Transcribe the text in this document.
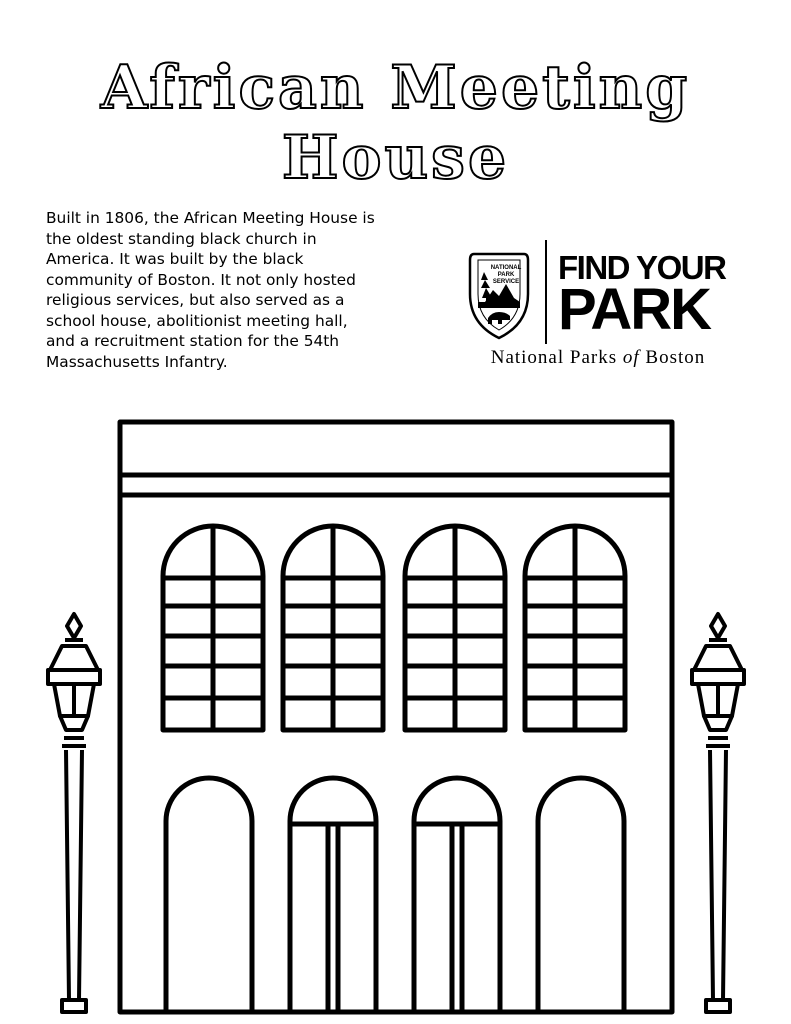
African Meeting
House

Built in 1806, the African Meeting House is the oldest standing black church in America. It was built by the black community of Boston. It not only hosted religious services, but also served as a school house, abolitionist meeting hall, and a recruitment station for the 54th Massachusetts Infantry.

NATIONAL
PARK
SERVICE FIND YOUR
PARK
National Parks of Boston
